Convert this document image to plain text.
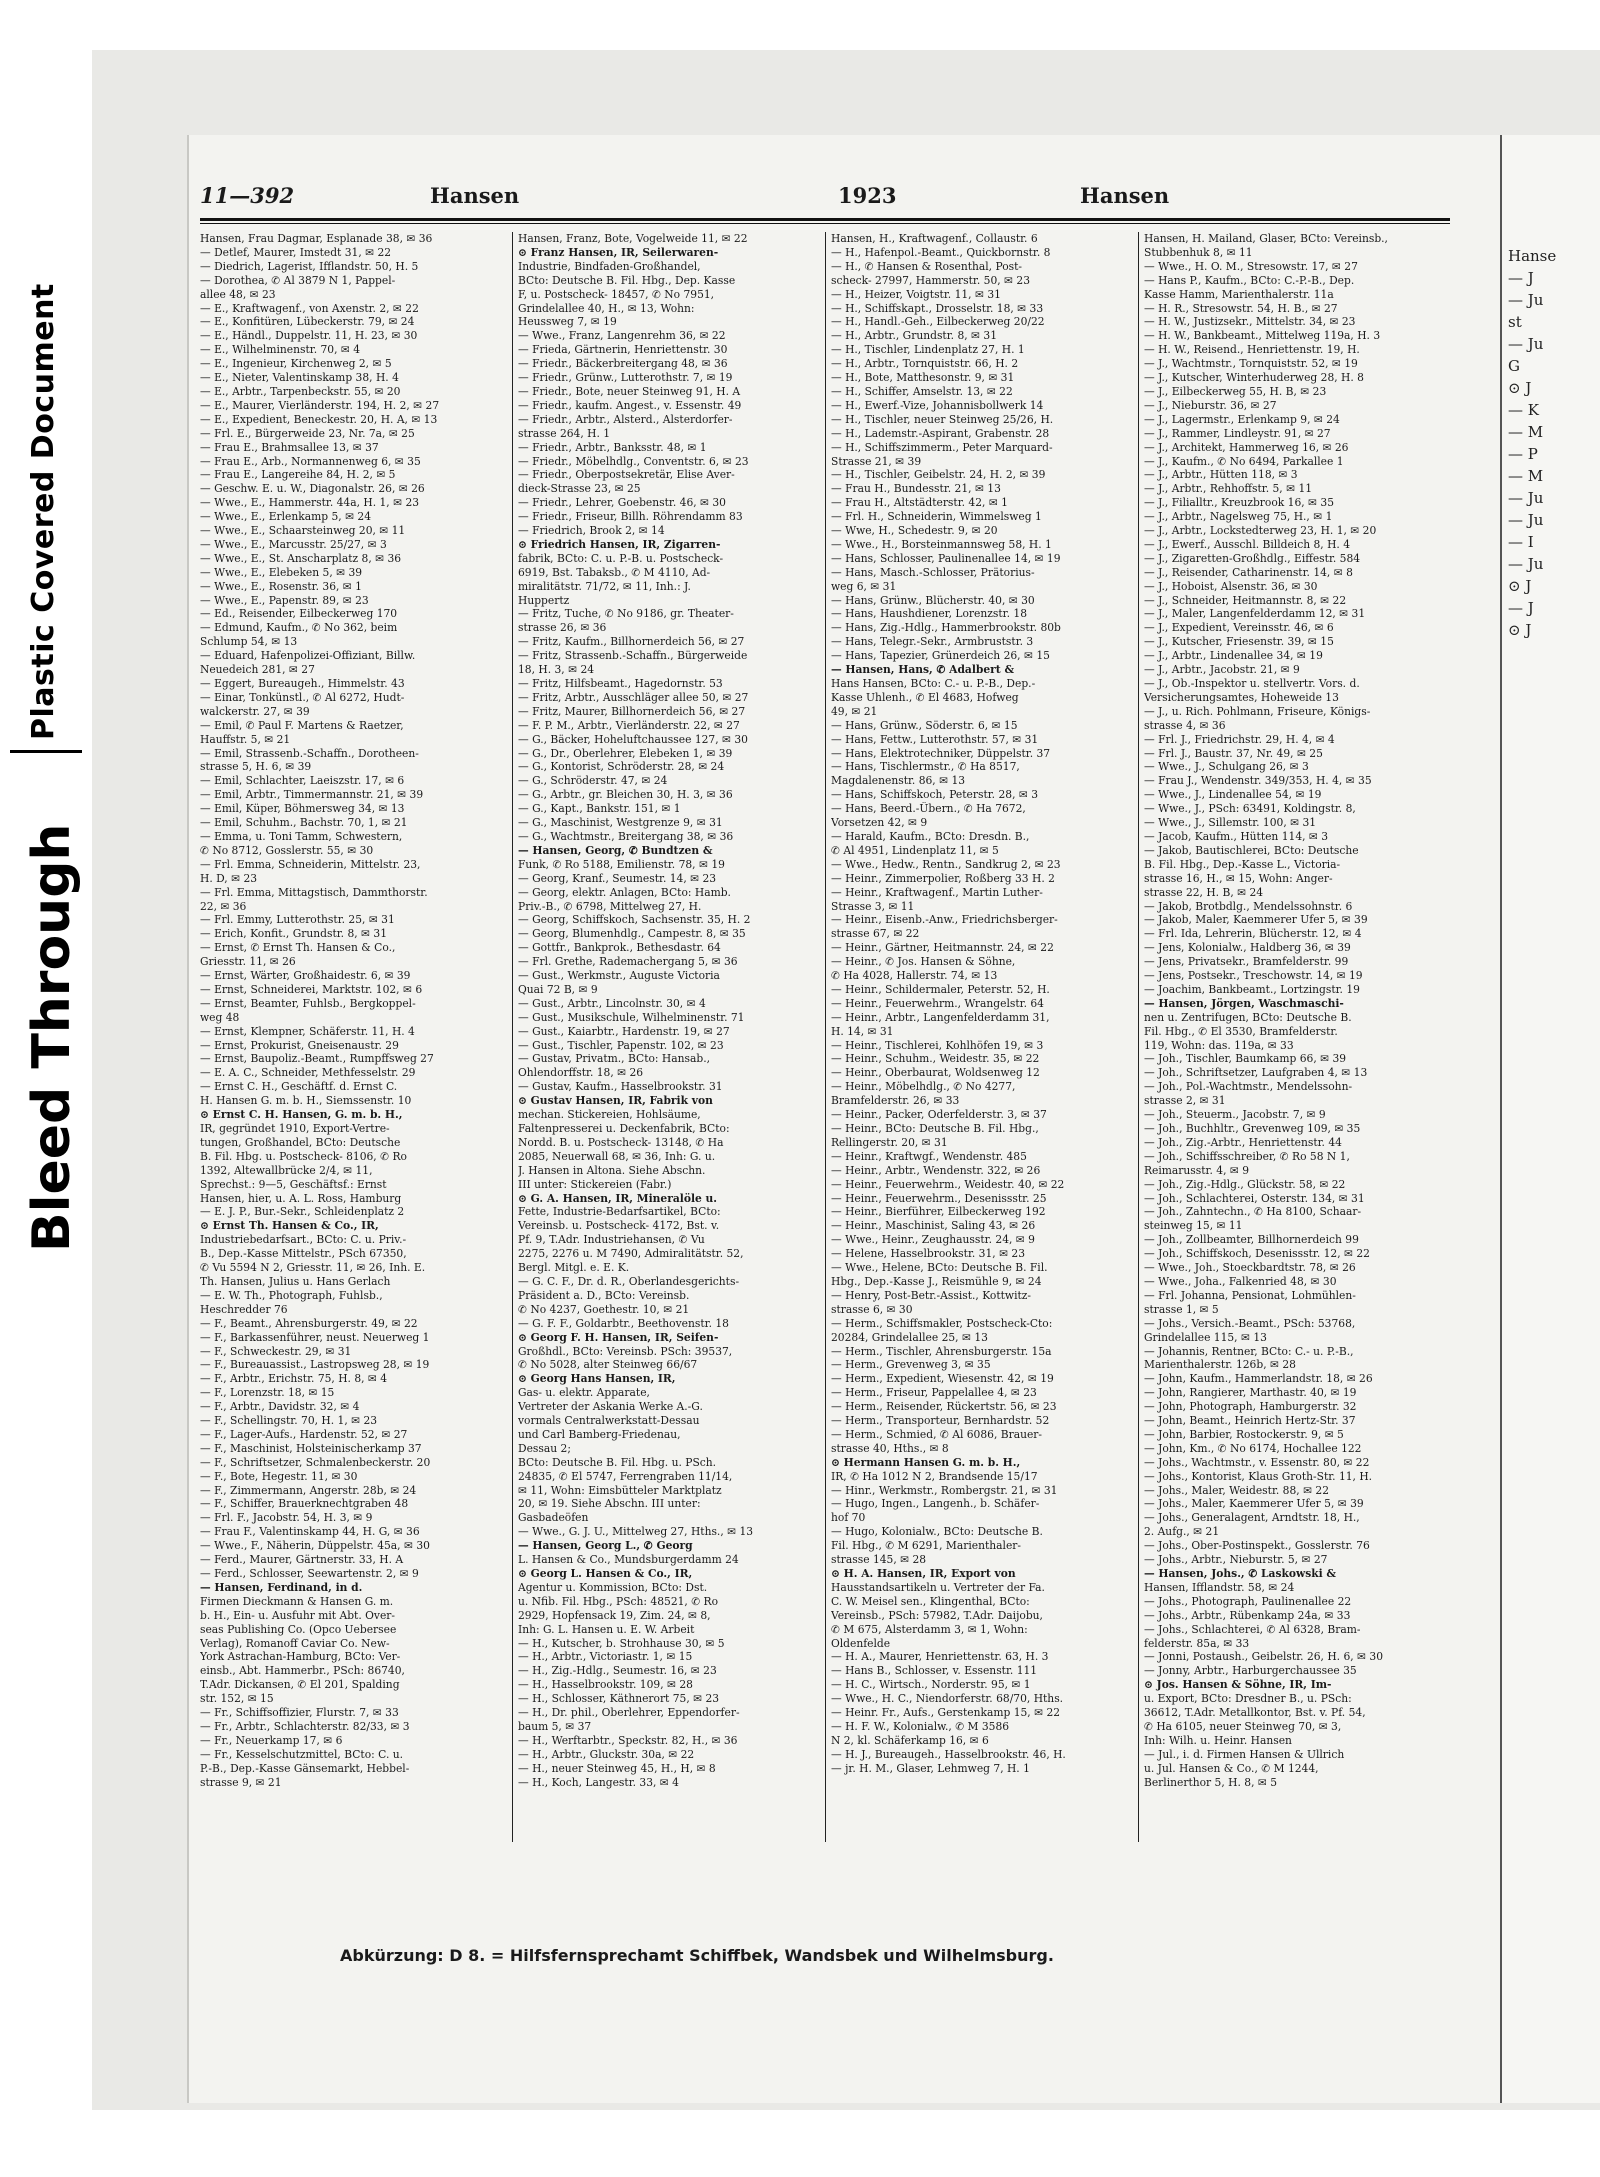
Plastic Covered Document
Bleed Through
Hanse
— J
— Ju
st
— Ju
G
⊙ J
— K
— M
— P
— M
— Ju
— Ju
— I
— Ju
⊙ J
— J
⊙ J
11—392	Hansen	1923	Hansen
Hansen, Frau Dagmar, Esplanade 38, ✉ 36
— Detlef, Maurer, Imstedt 31, ✉ 22
— Diedrich, Lagerist, Ifflandstr. 50, H. 5
— Dorothea, ✆ Al 3879 N 1, Pappel-
allee 48, ✉ 23
— E., Kraftwagenf., von Axenstr. 2, ✉ 22
— E., Konfitüren, Lübeckerstr. 79, ✉ 24
— E., Händl., Duppelstr. 11, H. 23, ✉ 30
— E., Wilhelminenstr. 70, ✉ 4
— E., Ingenieur, Kirchenweg 2, ✉ 5
— E., Nieter, Valentinskamp 38, H. 4
— E., Arbtr., Tarpenbeckstr. 55, ✉ 20
— E., Maurer, Vierländerstr. 194, H. 2, ✉ 27
— E., Expedient, Beneckestr. 20, H. A, ✉ 13
— Frl. E., Bürgerweide 23, Nr. 7a, ✉ 25
— Frau E., Brahmsallee 13, ✉ 37
— Frau E., Arb., Normannenweg 6, ✉ 35
— Frau E., Langereihe 84, H. 2, ✉ 5
— Geschw. E. u. W., Diagonalstr. 26, ✉ 26
— Wwe., E., Hammerstr. 44a, H. 1, ✉ 23
— Wwe., E., Erlenkamp 5, ✉ 24
— Wwe., E., Schaarsteinweg 20, ✉ 11
— Wwe., E., Marcusstr. 25/27, ✉ 3
— Wwe., E., St. Anscharplatz 8, ✉ 36
— Wwe., E., Elebeken 5, ✉ 39
— Wwe., E., Rosenstr. 36, ✉ 1
— Wwe., E., Papenstr. 89, ✉ 23
— Ed., Reisender, Eilbeckerweg 170
— Edmund, Kaufm., ✆ No 362, beim
Schlump 54, ✉ 13
— Eduard, Hafenpolizei-Offiziant, Billw.
Neuedeich 281, ✉ 27
— Eggert, Bureaugeh., Himmelstr. 43
— Einar, Tonkünstl., ✆ Al 6272, Hudt-
walckerstr. 27, ✉ 39
— Emil, ✆ Paul F. Martens & Raetzer,
Hauffstr. 5, ✉ 21
— Emil, Strassenb.-Schaffn., Dorotheen-
strasse 5, H. 6, ✉ 39
— Emil, Schlachter, Laeiszstr. 17, ✉ 6
— Emil, Arbtr., Timmermannstr. 21, ✉ 39
— Emil, Küper, Böhmersweg 34, ✉ 13
— Emil, Schuhm., Bachstr. 70, 1, ✉ 21
— Emma, u. Toni Tamm, Schwestern,
✆ No 8712, Gosslerstr. 55, ✉ 30
— Frl. Emma, Schneiderin, Mittelstr. 23,
H. D, ✉ 23
— Frl. Emma, Mittagstisch, Dammthorstr.
22, ✉ 36
— Frl. Emmy, Lutterothstr. 25, ✉ 31
— Erich, Konfit., Grundstr. 8, ✉ 31
— Ernst, ✆ Ernst Th. Hansen & Co.,
Griesstr. 11, ✉ 26
— Ernst, Wärter, Großhaidestr. 6, ✉ 39
— Ernst, Schneiderei, Marktstr. 102, ✉ 6
— Ernst, Beamter, Fuhlsb., Bergkoppel-
weg 48
— Ernst, Klempner, Schäferstr. 11, H. 4
— Ernst, Prokurist, Gneisenaustr. 29
— Ernst, Baupoliz.-Beamt., Rumpffsweg 27
— E. A. C., Schneider, Methfesselstr. 29
— Ernst C. H., Geschäftf. d. Ernst C.
H. Hansen G. m. b. H., Siemssenstr. 10
⊙ Ernst C. H. Hansen, G. m. b. H.,
IR, gegründet 1910, Export-Vertre-
tungen, Großhandel, BCto: Deutsche
B. Fil. Hbg. u. Postscheck- 8106, ✆ Ro
1392, Altewallbrücke 2/4, ✉ 11,
Sprechst.: 9—5, Geschäftsf.: Ernst
Hansen, hier, u. A. L. Ross, Hamburg
— E. J. P., Bur.-Sekr., Schleidenplatz 2
⊙ Ernst Th. Hansen & Co., IR,
Industriebedarfsart., BCto: C. u. Priv.-
B., Dep.-Kasse Mittelstr., PSch 67350,
✆ Vu 5594 N 2, Griesstr. 11, ✉ 26, Inh. E.
Th. Hansen, Julius u. Hans Gerlach
— E. W. Th., Photograph, Fuhlsb.,
Heschredder 76
— F., Beamt., Ahrensburgerstr. 49, ✉ 22
— F., Barkassenführer, neust. Neuerweg 1
— F., Schweckestr. 29, ✉ 31
— F., Bureauassist., Lastropsweg 28, ✉ 19
— F., Arbtr., Erichstr. 75, H. 8, ✉ 4
— F., Lorenzstr. 18, ✉ 15
— F., Arbtr., Davidstr. 32, ✉ 4
— F., Schellingstr. 70, H. 1, ✉ 23
— F., Lager-Aufs., Hardenstr. 52, ✉ 27
— F., Maschinist, Holsteinischerkamp 37
— F., Schriftsetzer, Schmalenbeckerstr. 20
— F., Bote, Hegestr. 11, ✉ 30
— F., Zimmermann, Angerstr. 28b, ✉ 24
— F., Schiffer, Brauerknechtgraben 48
— Frl. F., Jacobstr. 54, H. 3, ✉ 9
— Frau F., Valentinskamp 44, H. G, ✉ 36
— Wwe., F., Näherin, Düppelstr. 45a, ✉ 30
— Ferd., Maurer, Gärtnerstr. 33, H. A
— Ferd., Schlosser, Seewartenstr. 2, ✉ 9
— Hansen, Ferdinand, in d.
Firmen Dieckmann & Hansen G. m.
b. H., Ein- u. Ausfuhr mit Abt. Over-
seas Publishing Co. (Opco Uebersee
Verlag), Romanoff Caviar Co. New-
York Astrachan-Hamburg, BCto: Ver-
einsb., Abt. Hammerbr., PSch: 86740,
T.Adr. Dickansen, ✆ El 201, Spalding
str. 152, ✉ 15
— Fr., Schiffsoffizier, Flurstr. 7, ✉ 33
— Fr., Arbtr., Schlachterstr. 82/33, ✉ 3
— Fr., Neuerkamp 17, ✉ 6
— Fr., Kesselschutzmittel, BCto: C. u.
P.-B., Dep.-Kasse Gänsemarkt, Hebbel-
strasse 9, ✉ 21
Hansen, Franz, Bote, Vogelweide 11, ✉ 22
⊙ Franz Hansen, IR, Seilerwaren-
Industrie, Bindfaden-Großhandel,
BCto: Deutsche B. Fil. Hbg., Dep. Kasse
F, u. Postscheck- 18457, ✆ No 7951,
Grindelallee 40, H., ✉ 13, Wohn:
Heussweg 7, ✉ 19
— Wwe., Franz, Langenrehm 36, ✉ 22
— Frieda, Gärtnerin, Henriettenstr. 30
— Friedr., Bäckerbreitergang 48, ✉ 36
— Friedr., Grünw., Lutterothstr. 7, ✉ 19
— Friedr., Bote, neuer Steinweg 91, H. A
— Friedr., kaufm. Angest., v. Essenstr. 49
— Friedr., Arbtr., Alsterd., Alsterdorfer-
strasse 264, H. 1
— Friedr., Arbtr., Banksstr. 48, ✉ 1
— Friedr., Möbelhdlg., Conventstr. 6, ✉ 23
— Friedr., Oberpostsekretär, Elise Aver-
dieck-Strasse 23, ✉ 25
— Friedr., Lehrer, Goebenstr. 46, ✉ 30
— Friedr., Friseur, Billh. Röhrendamm 83
— Friedrich, Brook 2, ✉ 14
⊙ Friedrich Hansen, IR, Zigarren-
fabrik, BCto: C. u. P.-B. u. Postscheck-
6919, Bst. Tabaksb., ✆ M 4110, Ad-
miralitätstr. 71/72, ✉ 11, Inh.: J.
Huppertz
— Fritz, Tuche, ✆ No 9186, gr. Theater-
strasse 26, ✉ 36
— Fritz, Kaufm., Billhornerdeich 56, ✉ 27
— Fritz, Strassenb.-Schaffn., Bürgerweide
18, H. 3, ✉ 24
— Fritz, Hilfsbeamt., Hagedornstr. 53
— Fritz, Arbtr., Ausschläger allee 50, ✉ 27
— Fritz, Maurer, Billhornerdeich 56, ✉ 27
— F. P. M., Arbtr., Vierländerstr. 22, ✉ 27
— G., Bäcker, Hoheluftchaussee 127, ✉ 30
— G., Dr., Oberlehrer, Elebeken 1, ✉ 39
— G., Kontorist, Schröderstr. 28, ✉ 24
— G., Schröderstr. 47, ✉ 24
— G., Arbtr., gr. Bleichen 30, H. 3, ✉ 36
— G., Kapt., Bankstr. 151, ✉ 1
— G., Maschinist, Westgrenze 9, ✉ 31
— G., Wachtmstr., Breitergang 38, ✉ 36
— Hansen, Georg, ✆ Bundtzen &
Funk, ✆ Ro 5188, Emilienstr. 78, ✉ 19
— Georg, Kranf., Seumestr. 14, ✉ 23
— Georg, elektr. Anlagen, BCto: Hamb.
Priv.-B., ✆ 6798, Mittelweg 27, H.
— Georg, Schiffskoch, Sachsenstr. 35, H. 2
— Georg, Blumenhdlg., Campestr. 8, ✉ 35
— Gottfr., Bankprok., Bethesdastr. 64
— Frl. Grethe, Rademachergang 5, ✉ 36
— Gust., Werkmstr., Auguste Victoria
Quai 72 B, ✉ 9
— Gust., Arbtr., Lincolnstr. 30, ✉ 4
— Gust., Musikschule, Wilhelminenstr. 71
— Gust., Kaiarbtr., Hardenstr. 19, ✉ 27
— Gust., Tischler, Papenstr. 102, ✉ 23
— Gustav, Privatm., BCto: Hansab.,
Ohlendorffstr. 18, ✉ 26
— Gustav, Kaufm., Hasselbrookstr. 31
⊙ Gustav Hansen, IR, Fabrik von
mechan. Stickereien, Hohlsäume,
Faltenpresserei u. Deckenfabrik, BCto:
Nordd. B. u. Postscheck- 13148, ✆ Ha
2085, Neuerwall 68, ✉ 36, Inh: G. u.
J. Hansen in Altona. Siehe Abschn.
III unter: Stickereien (Fabr.)
⊙ G. A. Hansen, IR, Mineralöle u.
Fette, Industrie-Bedarfsartikel, BCto:
Vereinsb. u. Postscheck- 4172, Bst. v.
Pf. 9, T.Adr. Industriehansen, ✆ Vu
2275, 2276 u. M 7490, Admiralitätstr. 52,
Bergl. Mitgl. e. E. K.
— G. C. F., Dr. d. R., Oberlandesgerichts-
Präsident a. D., BCto: Vereinsb.
✆ No 4237, Goethestr. 10, ✉ 21
— G. F. F., Goldarbtr., Beethovenstr. 18
⊙ Georg F. H. Hansen, IR, Seifen-
Großhdl., BCto: Vereinsb. PSch: 39537,
✆ No 5028, alter Steinweg 66/67
⊙ Georg Hans Hansen, IR,
Gas- u. elektr. Apparate,
Vertreter der Askania Werke A.-G.
vormals Centralwerkstatt-Dessau
und Carl Bamberg-Friedenau,
Dessau 2;
BCto: Deutsche B. Fil. Hbg. u. PSch.
24835, ✆ El 5747, Ferrengraben 11/14,
✉ 11, Wohn: Eimsbütteler Marktplatz
20, ✉ 19. Siehe Abschn. III unter:
Gasbadeöfen
— Wwe., G. J. U., Mittelweg 27, Hths., ✉ 13
— Hansen, Georg L., ✆ Georg
L. Hansen & Co., Mundsburgerdamm 24
⊙ Georg L. Hansen & Co., IR,
Agentur u. Kommission, BCto: Dst.
u. Nfib. Fil. Hbg., PSch: 48521, ✆ Ro
2929, Hopfensack 19, Zim. 24, ✉ 8,
Inh: G. L. Hansen u. E. W. Arbeit
— H., Kutscher, b. Strohhause 30, ✉ 5
— H., Arbtr., Victoriastr. 1, ✉ 15
— H., Zig.-Hdlg., Seumestr. 16, ✉ 23
— H., Hasselbrookstr. 109, ✉ 28
— H., Schlosser, Käthnerort 75, ✉ 23
— H., Dr. phil., Oberlehrer, Eppendorfer-
baum 5, ✉ 37
— H., Werftarbtr., Speckstr. 82, H., ✉ 36
— H., Arbtr., Gluckstr. 30a, ✉ 22
— H., neuer Steinweg 45, H., H, ✉ 8
— H., Koch, Langestr. 33, ✉ 4
Hansen, H., Kraftwagenf., Collaustr. 6
— H., Hafenpol.-Beamt., Quickbornstr. 8
— H., ✆ Hansen & Rosenthal, Post-
scheck- 27997, Hammerstr. 50, ✉ 23
— H., Heizer, Voigtstr. 11, ✉ 31
— H., Schiffskapt., Drosselstr. 18, ✉ 33
— H., Handl.-Geh., Eilbeckerweg 20/22
— H., Arbtr., Grundstr. 8, ✉ 31
— H., Tischler, Lindenplatz 27, H. 1
— H., Arbtr., Tornquiststr. 66, H. 2
— H., Bote, Matthesonstr. 9, ✉ 31
— H., Schiffer, Amselstr. 13, ✉ 22
— H., Ewerf.-Vize, Johannisbollwerk 14
— H., Tischler, neuer Steinweg 25/26, H.
— H., Lademstr.-Aspirant, Grabenstr. 28
— H., Schiffszimmerm., Peter Marquard-
Strasse 21, ✉ 39
— H., Tischler, Geibelstr. 24, H. 2, ✉ 39
— Frau H., Bundesstr. 21, ✉ 13
— Frau H., Altstädterstr. 42, ✉ 1
— Frl. H., Schneiderin, Wimmelsweg 1
— Wwe, H., Schedestr. 9, ✉ 20
— Wwe., H., Borsteinmannsweg 58, H. 1
— Hans, Schlosser, Paulinenallee 14, ✉ 19
— Hans, Masch.-Schlosser, Prätorius-
weg 6, ✉ 31
— Hans, Grünw., Blücherstr. 40, ✉ 30
— Hans, Haushdiener, Lorenzstr. 18
— Hans, Zig.-Hdlg., Hammerbrookstr. 80b
— Hans, Telegr.-Sekr., Armbruststr. 3
— Hans, Tapezier, Grünerdeich 26, ✉ 15
— Hansen, Hans, ✆ Adalbert &
Hans Hansen, BCto: C.- u. P.-B., Dep.-
Kasse Uhlenh., ✆ El 4683, Hofweg
49, ✉ 21
— Hans, Grünw., Söderstr. 6, ✉ 15
— Hans, Fettw., Lutterothstr. 57, ✉ 31
— Hans, Elektrotechniker, Düppelstr. 37
— Hans, Tischlermstr., ✆ Ha 8517,
Magdalenenstr. 86, ✉ 13
— Hans, Schiffskoch, Peterstr. 28, ✉ 3
— Hans, Beerd.-Übern., ✆ Ha 7672,
Vorsetzen 42, ✉ 9
— Harald, Kaufm., BCto: Dresdn. B.,
✆ Al 4951, Lindenplatz 11, ✉ 5
— Wwe., Hedw., Rentn., Sandkrug 2, ✉ 23
— Heinr., Zimmerpolier, Roßberg 33 H. 2
— Heinr., Kraftwagenf., Martin Luther-
Strasse 3, ✉ 11
— Heinr., Eisenb.-Anw., Friedrichsberger-
strasse 67, ✉ 22
— Heinr., Gärtner, Heitmannstr. 24, ✉ 22
— Heinr., ✆ Jos. Hansen & Söhne,
✆ Ha 4028, Hallerstr. 74, ✉ 13
— Heinr., Schildermaler, Peterstr. 52, H.
— Heinr., Feuerwehrm., Wrangelstr. 64
— Heinr., Arbtr., Langenfelderdamm 31,
H. 14, ✉ 31
— Heinr., Tischlerei, Kohlhöfen 19, ✉ 3
— Heinr., Schuhm., Weidestr. 35, ✉ 22
— Heinr., Oberbaurat, Woldsenweg 12
— Heinr., Möbelhdlg., ✆ No 4277,
Bramfelderstr. 26, ✉ 33
— Heinr., Packer, Oderfelderstr. 3, ✉ 37
— Heinr., BCto: Deutsche B. Fil. Hbg.,
Rellingerstr. 20, ✉ 31
— Heinr., Kraftwgf., Wendenstr. 485
— Heinr., Arbtr., Wendenstr. 322, ✉ 26
— Heinr., Feuerwehrm., Weidestr. 40, ✉ 22
— Heinr., Feuerwehrm., Desenissstr. 25
— Heinr., Bierführer, Eilbeckerweg 192
— Heinr., Maschinist, Saling 43, ✉ 26
— Wwe., Heinr., Zeughausstr. 24, ✉ 9
— Helene, Hasselbrookstr. 31, ✉ 23
— Wwe., Helene, BCto: Deutsche B. Fil.
Hbg., Dep.-Kasse J., Reismühle 9, ✉ 24
— Henry, Post-Betr.-Assist., Kottwitz-
strasse 6, ✉ 30
— Herm., Schiffsmakler, Postscheck-Cto:
20284, Grindelallee 25, ✉ 13
— Herm., Tischler, Ahrensburgerstr. 15a
— Herm., Grevenweg 3, ✉ 35
— Herm., Expedient, Wiesenstr. 42, ✉ 19
— Herm., Friseur, Pappelallee 4, ✉ 23
— Herm., Reisender, Rückertstr. 56, ✉ 23
— Herm., Transporteur, Bernhardstr. 52
— Herm., Schmied, ✆ Al 6086, Brauer-
strasse 40, Hths., ✉ 8
⊙ Hermann Hansen G. m. b. H.,
IR, ✆ Ha 1012 N 2, Brandsende 15/17
— Hinr., Werkmstr., Rombergstr. 21, ✉ 31
— Hugo, Ingen., Langenh., b. Schäfer-
hof 70
— Hugo, Kolonialw., BCto: Deutsche B.
Fil. Hbg., ✆ M 6291, Marienthaler-
strasse 145, ✉ 28
⊙ H. A. Hansen, IR, Export von
Hausstandsartikeln u. Vertreter der Fa.
C. W. Meisel sen., Klingenthal, BCto:
Vereinsb., PSch: 57982, T.Adr. Daijobu,
✆ M 675, Alsterdamm 3, ✉ 1, Wohn:
Oldenfelde
— H. A., Maurer, Henriettenstr. 63, H. 3
— Hans B., Schlosser, v. Essenstr. 111
— H. C., Wirtsch., Norderstr. 95, ✉ 1
— Wwe., H. C., Niendorferstr. 68/70, Hths.
— Heinr. Fr., Aufs., Gerstenkamp 15, ✉ 22
— H. F. W., Kolonialw., ✆ M 3586
N 2, kl. Schäferkamp 16, ✉ 6
— H. J., Bureaugeh., Hasselbrookstr. 46, H.
— jr. H. M., Glaser, Lehmweg 7, H. 1
Hansen, H. Mailand, Glaser, BCto: Vereinsb.,
Stubbenhuk 8, ✉ 11
— Wwe., H. O. M., Stresowstr. 17, ✉ 27
— Hans P., Kaufm., BCto: C.-P.-B., Dep.
Kasse Hamm, Marienthalerstr. 11a
— H. R., Stresowstr. 54, H. B., ✉ 27
— H. W., Justizsekr., Mittelstr. 34, ✉ 23
— H. W., Bankbeamt., Mittelweg 119a, H. 3
— H. W., Reisend., Henriettenstr. 19, H.
— J., Wachtmstr., Tornquiststr. 52, ✉ 19
— J., Kutscher, Winterhuderweg 28, H. 8
— J., Eilbeckerweg 55, H. B, ✉ 23
— J., Nieburstr. 36, ✉ 27
— J., Lagermstr., Erlenkamp 9, ✉ 24
— J., Rammer, Lindleystr. 91, ✉ 27
— J., Architekt, Hammerweg 16, ✉ 26
— J., Kaufm., ✆ No 6494, Parkallee 1
— J., Arbtr., Hütten 118, ✉ 3
— J., Arbtr., Rehhoffstr. 5, ✉ 11
— J., Filialltr., Kreuzbrook 16, ✉ 35
— J., Arbtr., Nagelsweg 75, H., ✉ 1
— J., Arbtr., Lockstedterweg 23, H. 1, ✉ 20
— J., Ewerf., Ausschl. Billdeich 8, H. 4
— J., Zigaretten-Großhdlg., Eiffestr. 584
— J., Reisender, Catharinenstr. 14, ✉ 8
— J., Hoboist, Alsenstr. 36, ✉ 30
— J., Schneider, Heitmannstr. 8, ✉ 22
— J., Maler, Langenfelderdamm 12, ✉ 31
— J., Expedient, Vereinsstr. 46, ✉ 6
— J., Kutscher, Friesenstr. 39, ✉ 15
— J., Arbtr., Lindenallee 34, ✉ 19
— J., Arbtr., Jacobstr. 21, ✉ 9
— J., Ob.-Inspektor u. stellvertr. Vors. d.
Versicherungsamtes, Hoheweide 13
— J., u. Rich. Pohlmann, Friseure, Königs-
strasse 4, ✉ 36
— Frl. J., Friedrichstr. 29, H. 4, ✉ 4
— Frl. J., Baustr. 37, Nr. 49, ✉ 25
— Wwe., J., Schulgang 26, ✉ 3
— Frau J., Wendenstr. 349/353, H. 4, ✉ 35
— Wwe., J., Lindenallee 54, ✉ 19
— Wwe., J., PSch: 63491, Koldingstr. 8,
— Wwe., J., Sillemstr. 100, ✉ 31
— Jacob, Kaufm., Hütten 114, ✉ 3
— Jakob, Bautischlerei, BCto: Deutsche
B. Fil. Hbg., Dep.-Kasse L., Victoria-
strasse 16, H., ✉ 15, Wohn: Anger-
strasse 22, H. B, ✉ 24
— Jakob, Brotbdlg., Mendelssohnstr. 6
— Jakob, Maler, Kaemmerer Ufer 5, ✉ 39
— Frl. Ida, Lehrerin, Blücherstr. 12, ✉ 4
— Jens, Kolonialw., Haldberg 36, ✉ 39
— Jens, Privatsekr., Bramfelderstr. 99
— Jens, Postsekr., Treschowstr. 14, ✉ 19
— Joachim, Bankbeamt., Lortzingstr. 19
— Hansen, Jörgen, Waschmaschi-
nen u. Zentrifugen, BCto: Deutsche B.
Fil. Hbg., ✆ El 3530, Bramfelderstr.
119, Wohn: das. 119a, ✉ 33
— Joh., Tischler, Baumkamp 66, ✉ 39
— Joh., Schriftsetzer, Laufgraben 4, ✉ 13
— Joh., Pol.-Wachtmstr., Mendelssohn-
strasse 2, ✉ 31
— Joh., Steuerm., Jacobstr. 7, ✉ 9
— Joh., Buchhltr., Grevenweg 109, ✉ 35
— Joh., Zig.-Arbtr., Henriettenstr. 44
— Joh., Schiffsschreiber, ✆ Ro 58 N 1,
Reimarusstr. 4, ✉ 9
— Joh., Zig.-Hdlg., Glückstr. 58, ✉ 22
— Joh., Schlachterei, Osterstr. 134, ✉ 31
— Joh., Zahntechn., ✆ Ha 8100, Schaar-
steinweg 15, ✉ 11
— Joh., Zollbeamter, Billhornerdeich 99
— Joh., Schiffskoch, Desenissstr. 12, ✉ 22
— Wwe., Joh., Stoeckbardtstr. 78, ✉ 26
— Wwe., Joha., Falkenried 48, ✉ 30
— Frl. Johanna, Pensionat, Lohmühlen-
strasse 1, ✉ 5
— Johs., Versich.-Beamt., PSch: 53768,
Grindelallee 115, ✉ 13
— Johannis, Rentner, BCto: C.- u. P.-B.,
Marienthalerstr. 126b, ✉ 28
— John, Kaufm., Hammerlandstr. 18, ✉ 26
— John, Rangierer, Marthastr. 40, ✉ 19
— John, Photograph, Hamburgerstr. 32
— John, Beamt., Heinrich Hertz-Str. 37
— John, Barbier, Rostockerstr. 9, ✉ 5
— John, Km., ✆ No 6174, Hochallee 122
— Johs., Wachtmstr., v. Essenstr. 80, ✉ 22
— Johs., Kontorist, Klaus Groth-Str. 11, H.
— Johs., Maler, Weidestr. 88, ✉ 22
— Johs., Maler, Kaemmerer Ufer 5, ✉ 39
— Johs., Generalagent, Arndtstr. 18, H.,
2. Aufg., ✉ 21
— Johs., Ober-Postinspekt., Gosslerstr. 76
— Johs., Arbtr., Nieburstr. 5, ✉ 27
— Hansen, Johs., ✆ Laskowski &
Hansen, Ifflandstr. 58, ✉ 24
— Johs., Photograph, Paulinenallee 22
— Johs., Arbtr., Rübenkamp 24a, ✉ 33
— Johs., Schlachterei, ✆ Al 6328, Bram-
felderstr. 85a, ✉ 33
— Jonni, Postaush., Geibelstr. 26, H. 6, ✉ 30
— Jonny, Arbtr., Harburgerchaussee 35
⊙ Jos. Hansen & Söhne, IR, Im-
u. Export, BCto: Dresdner B., u. PSch:
36612, T.Adr. Metallkontor, Bst. v. Pf. 54,
✆ Ha 6105, neuer Steinweg 70, ✉ 3,
Inh: Wilh. u. Heinr. Hansen
— Jul., i. d. Firmen Hansen & Ullrich
u. Jul. Hansen & Co., ✆ M 1244,
Berlinerthor 5, H. 8, ✉ 5
Abkürzung: D 8. = Hilfsfernsprechamt Schiffbek, Wandsbek und Wilhelmsburg.
